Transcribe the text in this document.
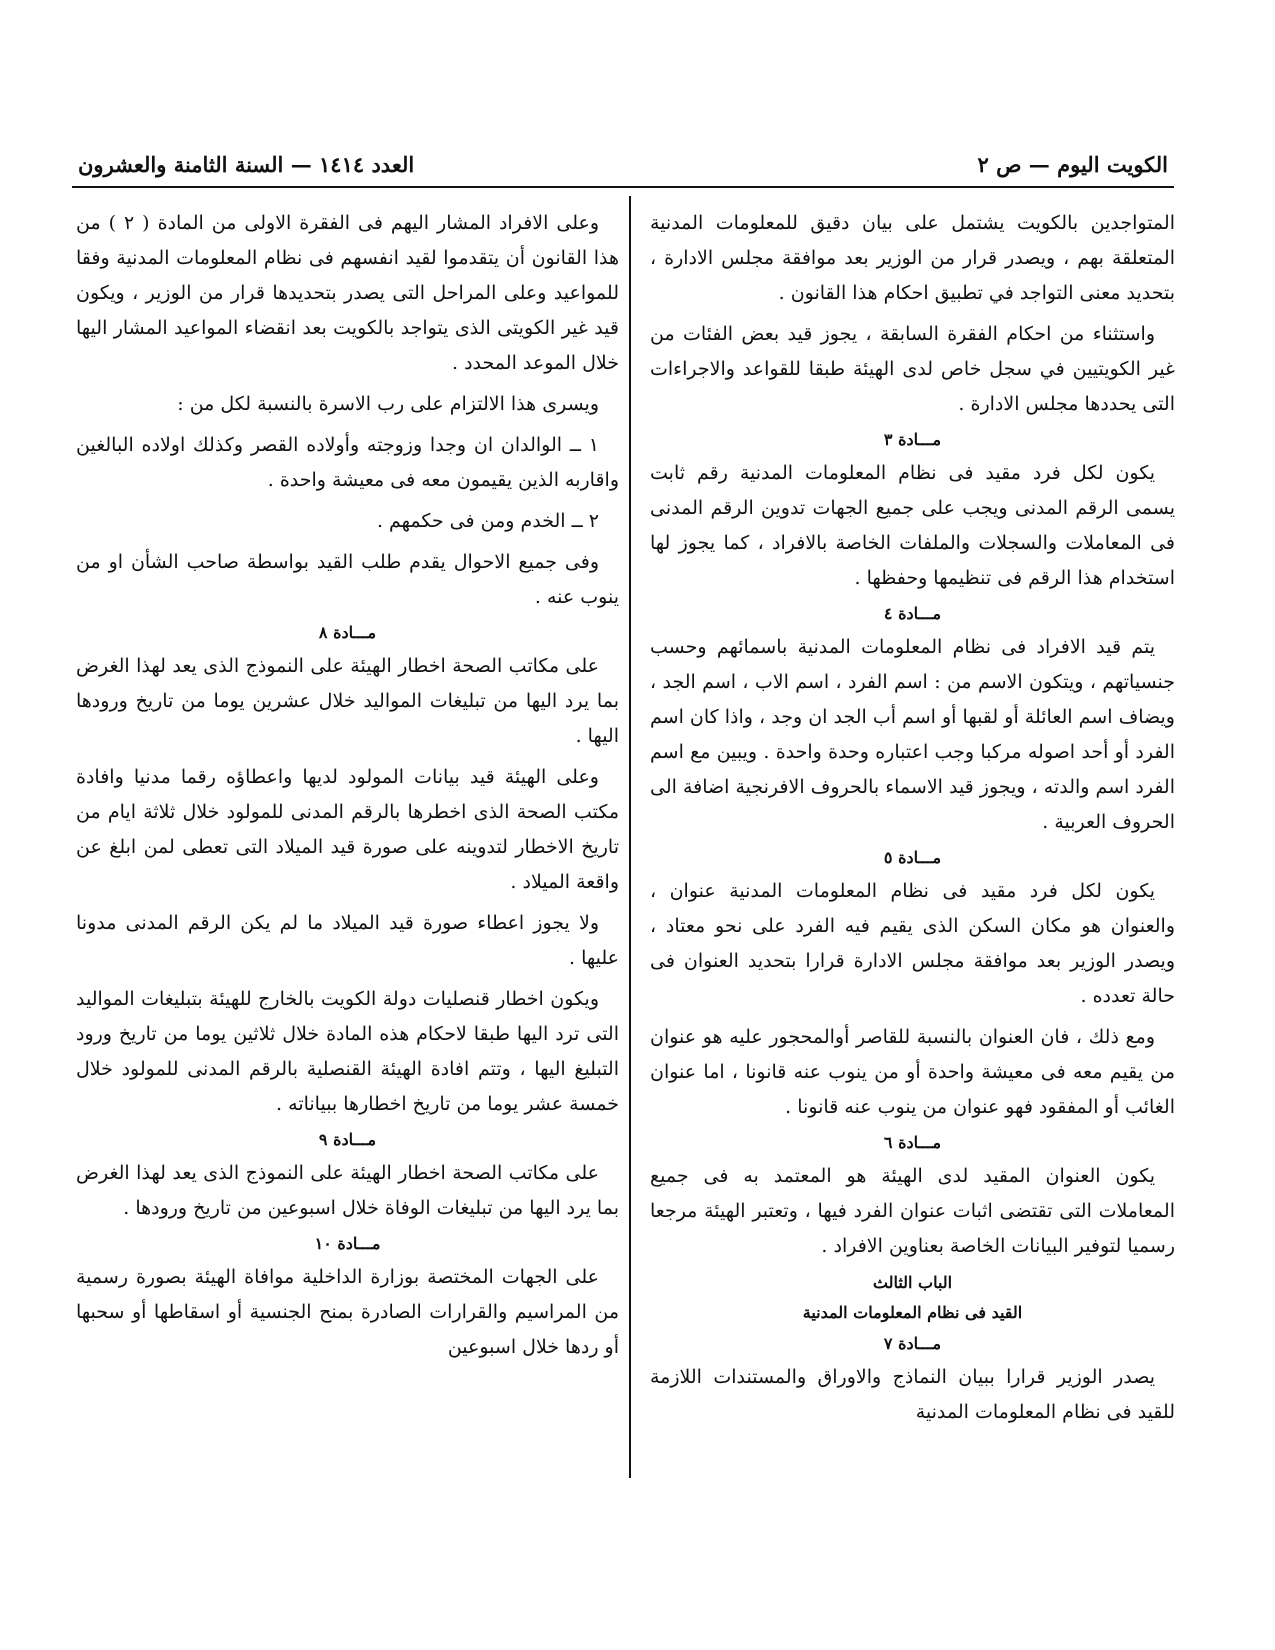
الكويت اليوم — ص ٢
العدد ١٤١٤ — السنة الثامنة والعشرون

المتواجدين بالكويت يشتمل على بيان دقيق للمعلومات المدنية المتعلقة بهم ، ويصدر قرار من الوزير بعد موافقة مجلس الادارة ، بتحديد معنى التواجد في تطبيق احكام هذا القانون .

واستثناء من احكام الفقرة السابقة ، يجوز قيد بعض الفئات من غير الكويتيين في سجل خاص لدى الهيئة طبقا للقواعد والاجراءات التى يحددها مجلس الادارة .

مـــادة ٣

يكون لكل فرد مقيد فى نظام المعلومات المدنية رقم ثابت يسمى الرقم المدنى ويجب على جميع الجهات تدوين الرقم المدنى فى المعاملات والسجلات والملفات الخاصة بالافراد ، كما يجوز لها استخدام هذا الرقم فى تنظيمها وحفظها .

مـــادة ٤

يتم قيد الافراد فى نظام المعلومات المدنية باسمائهم وحسب جنسياتهم ، ويتكون الاسم من : اسم الفرد ، اسم الاب ، اسم الجد ، ويضاف اسم العائلة أو لقبها أو اسم أب الجد ان وجد ، واذا كان اسم الفرد أو أحد اصوله مركبا وجب اعتباره وحدة واحدة . ويبين مع اسم الفرد اسم والدته ، ويجوز قيد الاسماء بالحروف الافرنجية اضافة الى الحروف العربية .

مـــادة ٥

يكون لكل فرد مقيد فى نظام المعلومات المدنية عنوان ، والعنوان هو مكان السكن الذى يقيم فيه الفرد على نحو معتاد ، ويصدر الوزير بعد موافقة مجلس الادارة قرارا بتحديد العنوان فى حالة تعدده .

ومع ذلك ، فان العنوان بالنسبة للقاصر أوالمحجور عليه هو عنوان من يقيم معه فى معيشة واحدة أو من ينوب عنه قانونا ، اما عنوان الغائب أو المفقود فهو عنوان من ينوب عنه قانونا .

مـــادة ٦

يكون العنوان المقيد لدى الهيئة هو المعتمد به فى جميع المعاملات التى تقتضى اثبات عنوان الفرد فيها ، وتعتبر الهيئة مرجعا رسميا لتوفير البيانات الخاصة بعناوين الافراد .

الباب الثالث
القيد فى نظام المعلومات المدنية
مـــادة ٧

يصدر الوزير قرارا ببيان النماذج والاوراق والمستندات اللازمة للقيد فى نظام المعلومات المدنية

وعلى الافراد المشار اليهم فى الفقرة الاولى من المادة ( ٢ ) من هذا القانون أن يتقدموا لقيد انفسهم فى نظام المعلومات المدنية وفقا للمواعيد وعلى المراحل التى يصدر بتحديدها قرار من الوزير ، ويكون قيد غير الكويتى الذى يتواجد بالكويت بعد انقضاء المواعيد المشار اليها خلال الموعد المحدد .

ويسرى هذا الالتزام على رب الاسرة بالنسبة لكل من :

١ ــ الوالدان ان وجدا وزوجته وأولاده القصر وكذلك اولاده البالغين واقاربه الذين يقيمون معه فى معيشة واحدة .

٢ ــ الخدم ومن فى حكمهم .

وفى جميع الاحوال يقدم طلب القيد بواسطة صاحب الشأن او من ينوب عنه .

مـــادة ٨

على مكاتب الصحة اخطار الهيئة على النموذج الذى يعد لهذا الغرض بما يرد اليها من تبليغات المواليد خلال عشرين يوما من تاريخ ورودها اليها .

وعلى الهيئة قيد بيانات المولود لديها واعطاؤه رقما مدنيا وافادة مكتب الصحة الذى اخطرها بالرقم المدنى للمولود خلال ثلاثة ايام من تاريخ الاخطار لتدوينه على صورة قيد الميلاد التى تعطى لمن ابلغ عن واقعة الميلاد .

ولا يجوز اعطاء صورة قيد الميلاد ما لم يكن الرقم المدنى مدونا عليها .

ويكون اخطار قنصليات دولة الكويت بالخارج للهيئة بتبليغات المواليد التى ترد اليها طبقا لاحكام هذه المادة خلال ثلاثين يوما من تاريخ ورود التبليغ اليها ، وتتم افادة الهيئة القنصلية بالرقم المدنى للمولود خلال خمسة عشر يوما من تاريخ اخطارها ببياناته .

مـــادة ٩

على مكاتب الصحة اخطار الهيئة على النموذج الذى يعد لهذا الغرض بما يرد اليها من تبليغات الوفاة خلال اسبوعين من تاريخ ورودها .

مـــادة ١٠

على الجهات المختصة بوزارة الداخلية موافاة الهيئة بصورة رسمية من المراسيم والقرارات الصادرة بمنح الجنسية أو اسقاطها أو سحبها أو ردها خلال اسبوعين
